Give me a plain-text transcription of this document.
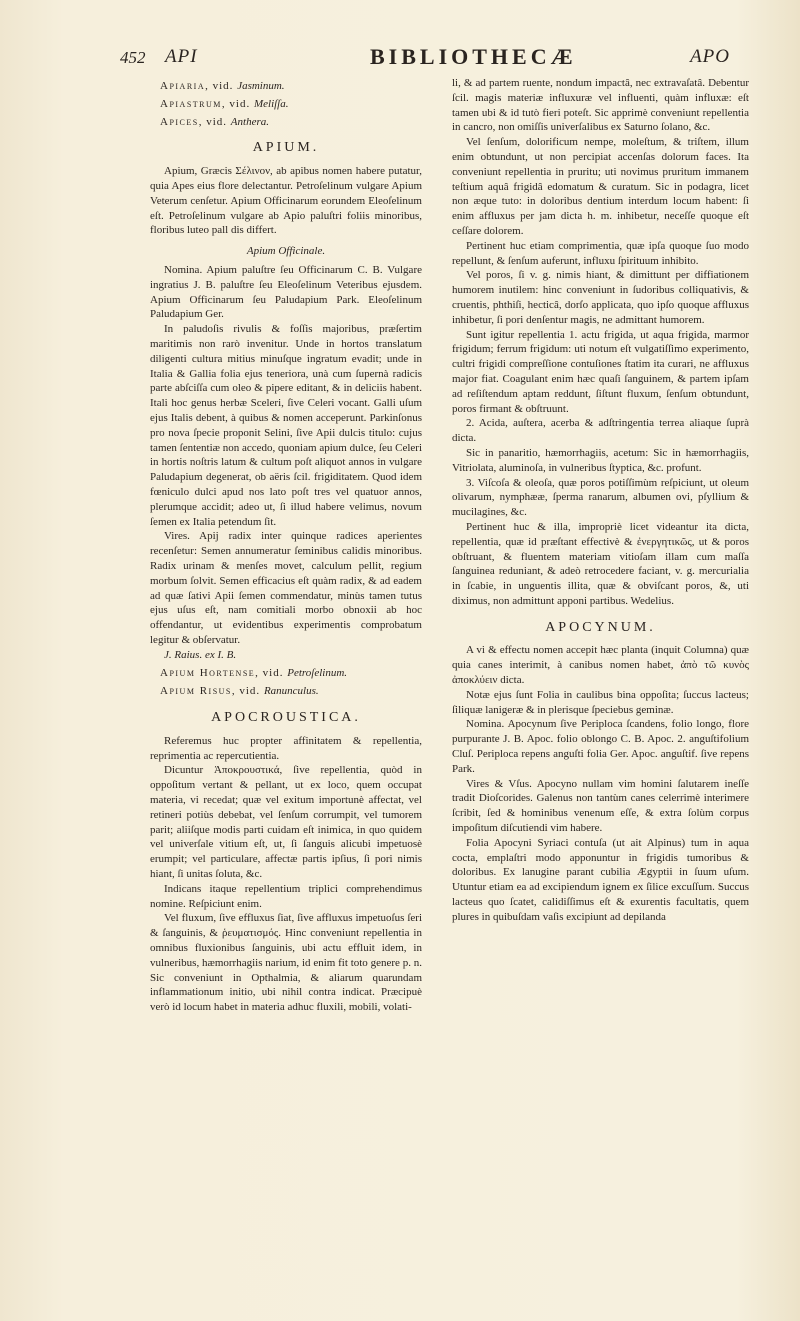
452 API	BIBLIOTHECÆ	APO

Apiaria, vid. Jasminum.

Apiastrum, vid. Meliſſa.

Apices, vid. Anthera.

APIUM.

Apium, Græcis Σέλινον, ab apibus nomen habere putatur, quia Apes eius flore delectantur. Petroſelinum vulgare Apium Veterum cenſetur. Apium Officinarum eorundem Eleoſelinum eſt. Petroſelinum vulgare ab Apio paluſtri foliis minoribus, floribus luteo pall dis differt.

Apium Officinale.

Nomina. Apium paluſtre ſeu Officinarum C. B. Vulgare ingratius J. B. paluſtre ſeu Eleoſelinum Veteribus ejusdem. Apium Officinarum ſeu Paludapium Park. Eleoſelinum Paludapium Ger.

In paludoſis rivulis & foſſis majoribus, præſertim maritimis non rarò invenitur. Unde in hortos translatum diligenti cultura mitius minuſque ingratum evadit; unde in Italia & Gallia folia ejus teneriora, unà cum ſupernà radicis parte abſciſſa cum oleo & pipere editant, & in deliciis habent. Itali hoc genus herbæ Sceleri, ſive Celeri vocant. Galli uſum ejus Italis debent, à quibus & nomen acceperunt. Parkinſonus pro nova ſpecie proponit Selini, ſive Apii dulcis titulo: cujus tamen ſententiæ non accedo, quoniam apium dulce, ſeu Celeri in hortis noſtris latum & cultum poſt aliquot annos in vulgare Paludapium degenerat, ob aëris ſcil. frigiditatem. Quod idem fœniculo dulci apud nos lato poſt tres vel quatuor annos, plerumque accidit; adeo ut, ſi illud habere velimus, novum ſemen ex Italia petendum ſit.

Vires. Apij radix inter quinque radices aperientes recenſetur: Semen annumeratur ſeminibus calidis minoribus. Radix urinam & menſes movet, calculum pellit, regium morbum ſolvit. Semen efficacius eſt quàm radix, & ad eadem ad quæ ſativi Apii ſemen commendatur, minùs tamen tutus ejus uſus eſt, nam comitiali morbo obnoxii ab hoc offendantur, ut evidentibus experimentis comprobatum legitur & obſervatur.

J. Raius. ex I. B.

Apium Hortense, vid. Petroſelinum.

Apium Risus, vid. Ranunculus.

APOCROUSTICA.

Referemus huc propter affinitatem & repellentia, reprimentia ac repercutientia.

Dicuntur Ἀποκρουστικά, ſive repellentia, quòd in oppoſitum vertant & pellant, ut ex loco, quem occupat materia, vi recedat; quæ vel exitum importunè affectat, vel retineri potiùs debebat, vel ſenſum corrumpit, vel tumorem parit; aliiſque modis parti cuidam eſt inimica, in quo quidem vel univerſale vitium eſt, ut, ſi ſanguis alicubi impetuosè erumpit; vel particulare, affectæ partis ipſius, ſi pori nimis hiant, ſi unitas ſoluta, &c.

Indicans itaque repellentium triplici comprehendimus nomine. Reſpiciunt enim.

Vel fluxum, ſive effluxus ſiat, ſive affluxus impetuoſus ſeri & ſanguinis, & ῥευματισμός. Hinc conveniunt repellentia in omnibus fluxionibus ſanguinis, ubi actu effluit idem, in vulneribus, hæmorrhagiis narium, id enim fit toto genere p. n. Sic conveniunt in Opthalmia, & aliarum quarundam inflammationum initio, ubi nihil contra indicat. Præcipuè verò id locum habet in materia adhuc fluxili, mobili, volati-

li, & ad partem ruente, nondum impactâ, nec extravaſatâ. Debentur ſcil. magis materiæ influxuræ vel influenti, quàm influxæ: eſt tamen ubi & id tutò fieri poteſt. Sic apprimè conveniunt repellentia in cancro, non omiſſis univerſalibus ex Saturno ſolano, &c.

Vel ſenſum, dolorificum nempe, moleſtum, & triſtem, illum enim obtundunt, ut non percipiat accenſas dolorum faces. Ita conveniunt repellentia in pruritu; uti novimus pruritum immanem teſtium aquâ frigidâ edomatum & curatum. Sic in podagra, licet non æque tuto: in doloribus dentium interdum locum habent: ſi enim affluxus per jam dicta h. m. inhibetur, neceſſe quoque eſt ceſſare dolorem.

Pertinent huc etiam comprimentia, quæ ipſa quoque ſuo modo repellunt, & ſenſum auferunt, influxu ſpirituum inhibito.

Vel poros, ſi v. g. nimis hiant, & dimittunt per diffiationem humorem inutilem: hinc conveniunt in ſudoribus colliquativis, & cruentis, phthiſi, hecticâ, dorſo applicata, quo ipſo quoque affluxus inhibetur, ſi pori denſentur magis, ne admittant humorem.

Sunt igitur repellentia 1. actu frigida, ut aqua frigida, marmor frigidum; ferrum frigidum: uti notum eſt vulgatiſſimo experimento, cultri frigidi compreſſione contuſiones ſtatim ita curari, ne affluxus major fiat. Coagulant enim hæc quaſi ſanguinem, & partem ipſam ad reſiſtendum aptam reddunt, ſiſtunt fluxum, ſenſum obtundunt, poros firmant & obſtruunt.

2. Acida, auſtera, acerba & adſtringentia terrea aliaque ſuprà dicta.

Sic in panaritio, hæmorrhagiis, acetum: Sic in hæmorrhagiis, Vitriolata, aluminoſa, in vulneribus ſtyptica, &c. profunt.

3. Viſcoſa & oleoſa, quæ poros potiſſimùm reſpiciunt, ut oleum olivarum, nymphææ, ſperma ranarum, albumen ovi, pſyllium & mucilagines, &c.

Pertinent huc & illa, impropriè licet videantur ita dicta, repellentia, quæ id præſtant effectivè & ἐνεργητικῶς, ut & poros obſtruant, & fluentem materiam vitioſam illam cum maſſa ſanguinea reduniant, & adeò retrocedere faciant, v. g. mercurialia in ſcabie, in unguentis illita, quæ & obviſcant poros, &, uti diximus, non admittunt apponi partibus. Wedelius.

APOCYNUM.

A vi & effectu nomen accepit hæc planta (inquit Columna) quæ quia canes interimit, à canibus nomen habet, ἀπὸ τῶ κυνὸς ἀποκλύειν dicta.

Notæ ejus ſunt Folia in caulibus bina oppoſita; ſuccus lacteus; ſiliquæ lanigeræ & in plerisque ſpeciebus geminæ.

Nomina. Apocynum ſive Periploca ſcandens, folio longo, flore purpurante J. B. Apoc. folio oblongo C. B. Apoc. 2. anguſtifolium Cluſ. Periploca repens anguſti folia Ger. Apoc. anguſtif. ſive repens Park.

Vires & Vſus. Apocyno nullam vim homini ſalutarem ineſſe tradit Dioſcorides. Galenus non tantùm canes celerrimè interimere ſcribit, ſed & hominibus venenum eſſe, & extra ſolùm corpus impoſitum diſcutiendi vim habere.

Folia Apocyni Syriaci contuſa (ut ait Alpinus) tum in aqua cocta, emplaſtri modo apponuntur in frigidis tumoribus & doloribus. Ex lanugine parant cubilia Ægyptii in ſuum uſum. Utuntur etiam ea ad excipiendum ignem ex ſilice excuſſum. Succus lacteus quo ſcatet, calidiſſimus eſt & exurentis facultatis, quem plures in quibuſdam vaſis excipiunt ad depilanda
